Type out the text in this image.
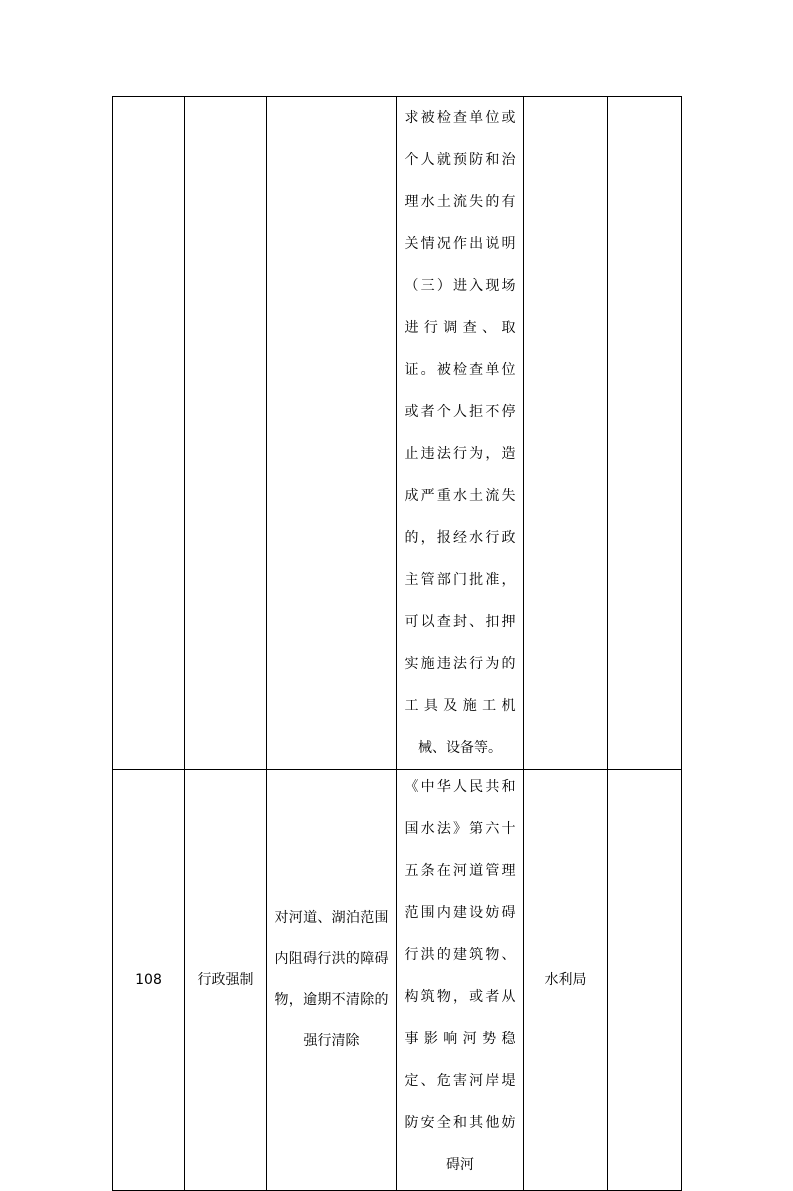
			求被检查单位或个人就预防和治理水土流失的有关情况作出说明（三）进入现场进行调查、取证。被检查单位或者个人拒不停止违法行为，造成严重水土流失的，报经水行政主管部门批准，可以查封、扣押实施违法行为的工具及施工机械、设备等。		

108	行政强制	对河道、湖泊范围内阻碍行洪的障碍物，逾期不清除的强行清除	《中华人民共和国水法》第六十五条在河道管理范围内建设妨碍行洪的建筑物、构筑物，或者从事影响河势稳定、危害河岸堤防安全和其他妨碍河	水利局	
